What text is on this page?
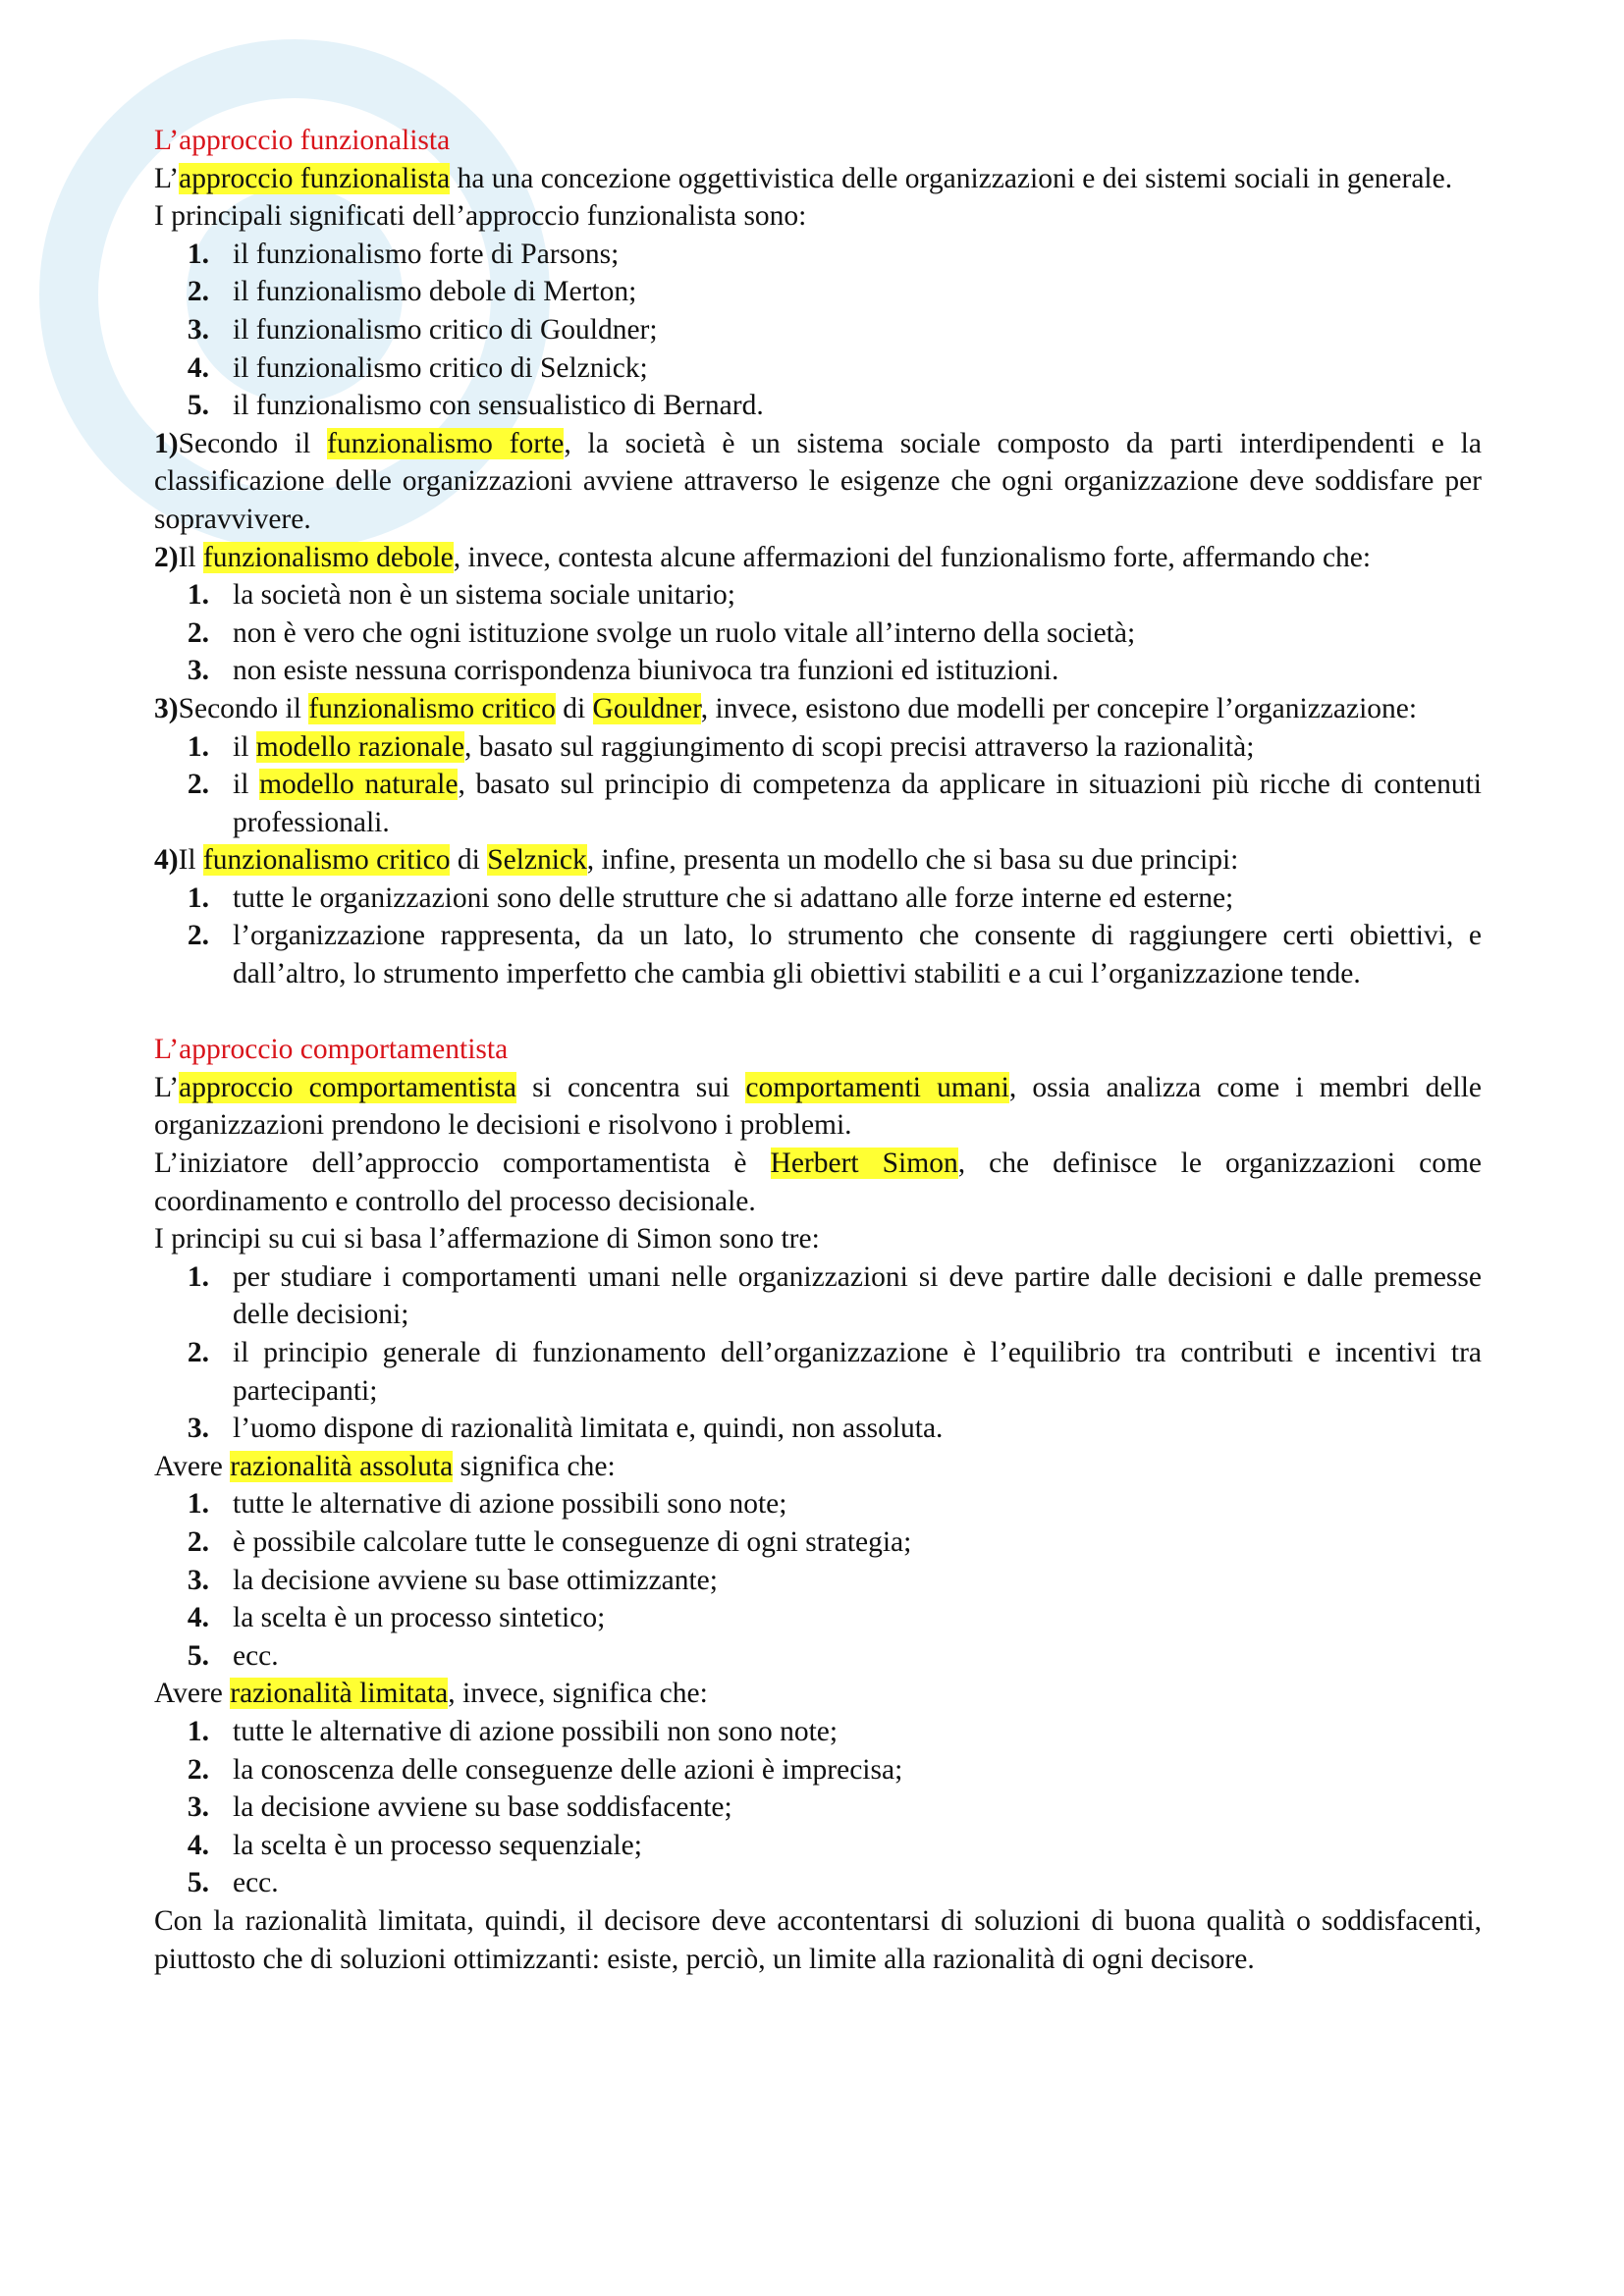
L’approccio funzionalista
L’approccio funzionalista ha una concezione oggettivistica delle organizzazioni e dei sistemi sociali in generale.
I principali significati dell’approccio funzionalista sono:
1. il funzionalismo forte di Parsons;
2. il funzionalismo debole di Merton;
3. il funzionalismo critico di Gouldner;
4. il funzionalismo critico di Selznick;
5. il funzionalismo con sensualistico di Bernard.
1)Secondo il funzionalismo forte, la società è un sistema sociale composto da parti interdipendenti e la classificazione delle organizzazioni avviene attraverso le esigenze che ogni organizzazione deve soddisfare per sopravvivere.
2)Il funzionalismo debole, invece, contesta alcune affermazioni del funzionalismo forte, affermando che:
1. la società non è un sistema sociale unitario;
2. non è vero che ogni istituzione svolge un ruolo vitale all’interno della società;
3. non esiste nessuna corrispondenza biunivoca tra funzioni ed istituzioni.
3)Secondo il funzionalismo critico di Gouldner, invece, esistono due modelli per concepire l’organizzazione:
1. il modello razionale, basato sul raggiungimento di scopi precisi attraverso la razionalità;
2. il modello naturale, basato sul principio di competenza da applicare in situazioni più ricche di contenuti professionali.
4)Il funzionalismo critico di Selznick, infine, presenta un modello che si basa su due principi:
1. tutte le organizzazioni sono delle strutture che si adattano alle forze interne ed esterne;
2. l’organizzazione rappresenta, da un lato, lo strumento che consente di raggiungere certi obiettivi, e dall’altro, lo strumento imperfetto che cambia gli obiettivi stabiliti e a cui l’organizzazione tende.
L’approccio comportamentista
L’approccio comportamentista si concentra sui comportamenti umani, ossia analizza come i membri delle organizzazioni prendono le decisioni e risolvono i problemi.
L’iniziatore dell’approccio comportamentista è Herbert Simon, che definisce le organizzazioni come coordinamento e controllo del processo decisionale.
I principi su cui si basa l’affermazione di Simon sono tre:
1. per studiare i comportamenti umani nelle organizzazioni si deve partire dalle decisioni e dalle premesse delle decisioni;
2. il principio generale di funzionamento dell’organizzazione è l’equilibrio tra contributi e incentivi tra partecipanti;
3. l’uomo dispone di razionalità limitata e, quindi, non assoluta.
Avere razionalità assoluta significa che:
1. tutte le alternative di azione possibili sono note;
2. è possibile calcolare tutte le conseguenze di ogni strategia;
3. la decisione avviene su base ottimizzante;
4. la scelta è un processo sintetico;
5. ecc.
Avere razionalità limitata, invece, significa che:
1. tutte le alternative di azione possibili non sono note;
2. la conoscenza delle conseguenze delle azioni è imprecisa;
3. la decisione avviene su base soddisfacente;
4. la scelta è un processo sequenziale;
5. ecc.
Con la razionalità limitata, quindi, il decisore deve accontentarsi di soluzioni di buona qualità o soddisfacenti, piuttosto che di soluzioni ottimizzanti: esiste, perciò, un limite alla razionalità di ogni decisore.
